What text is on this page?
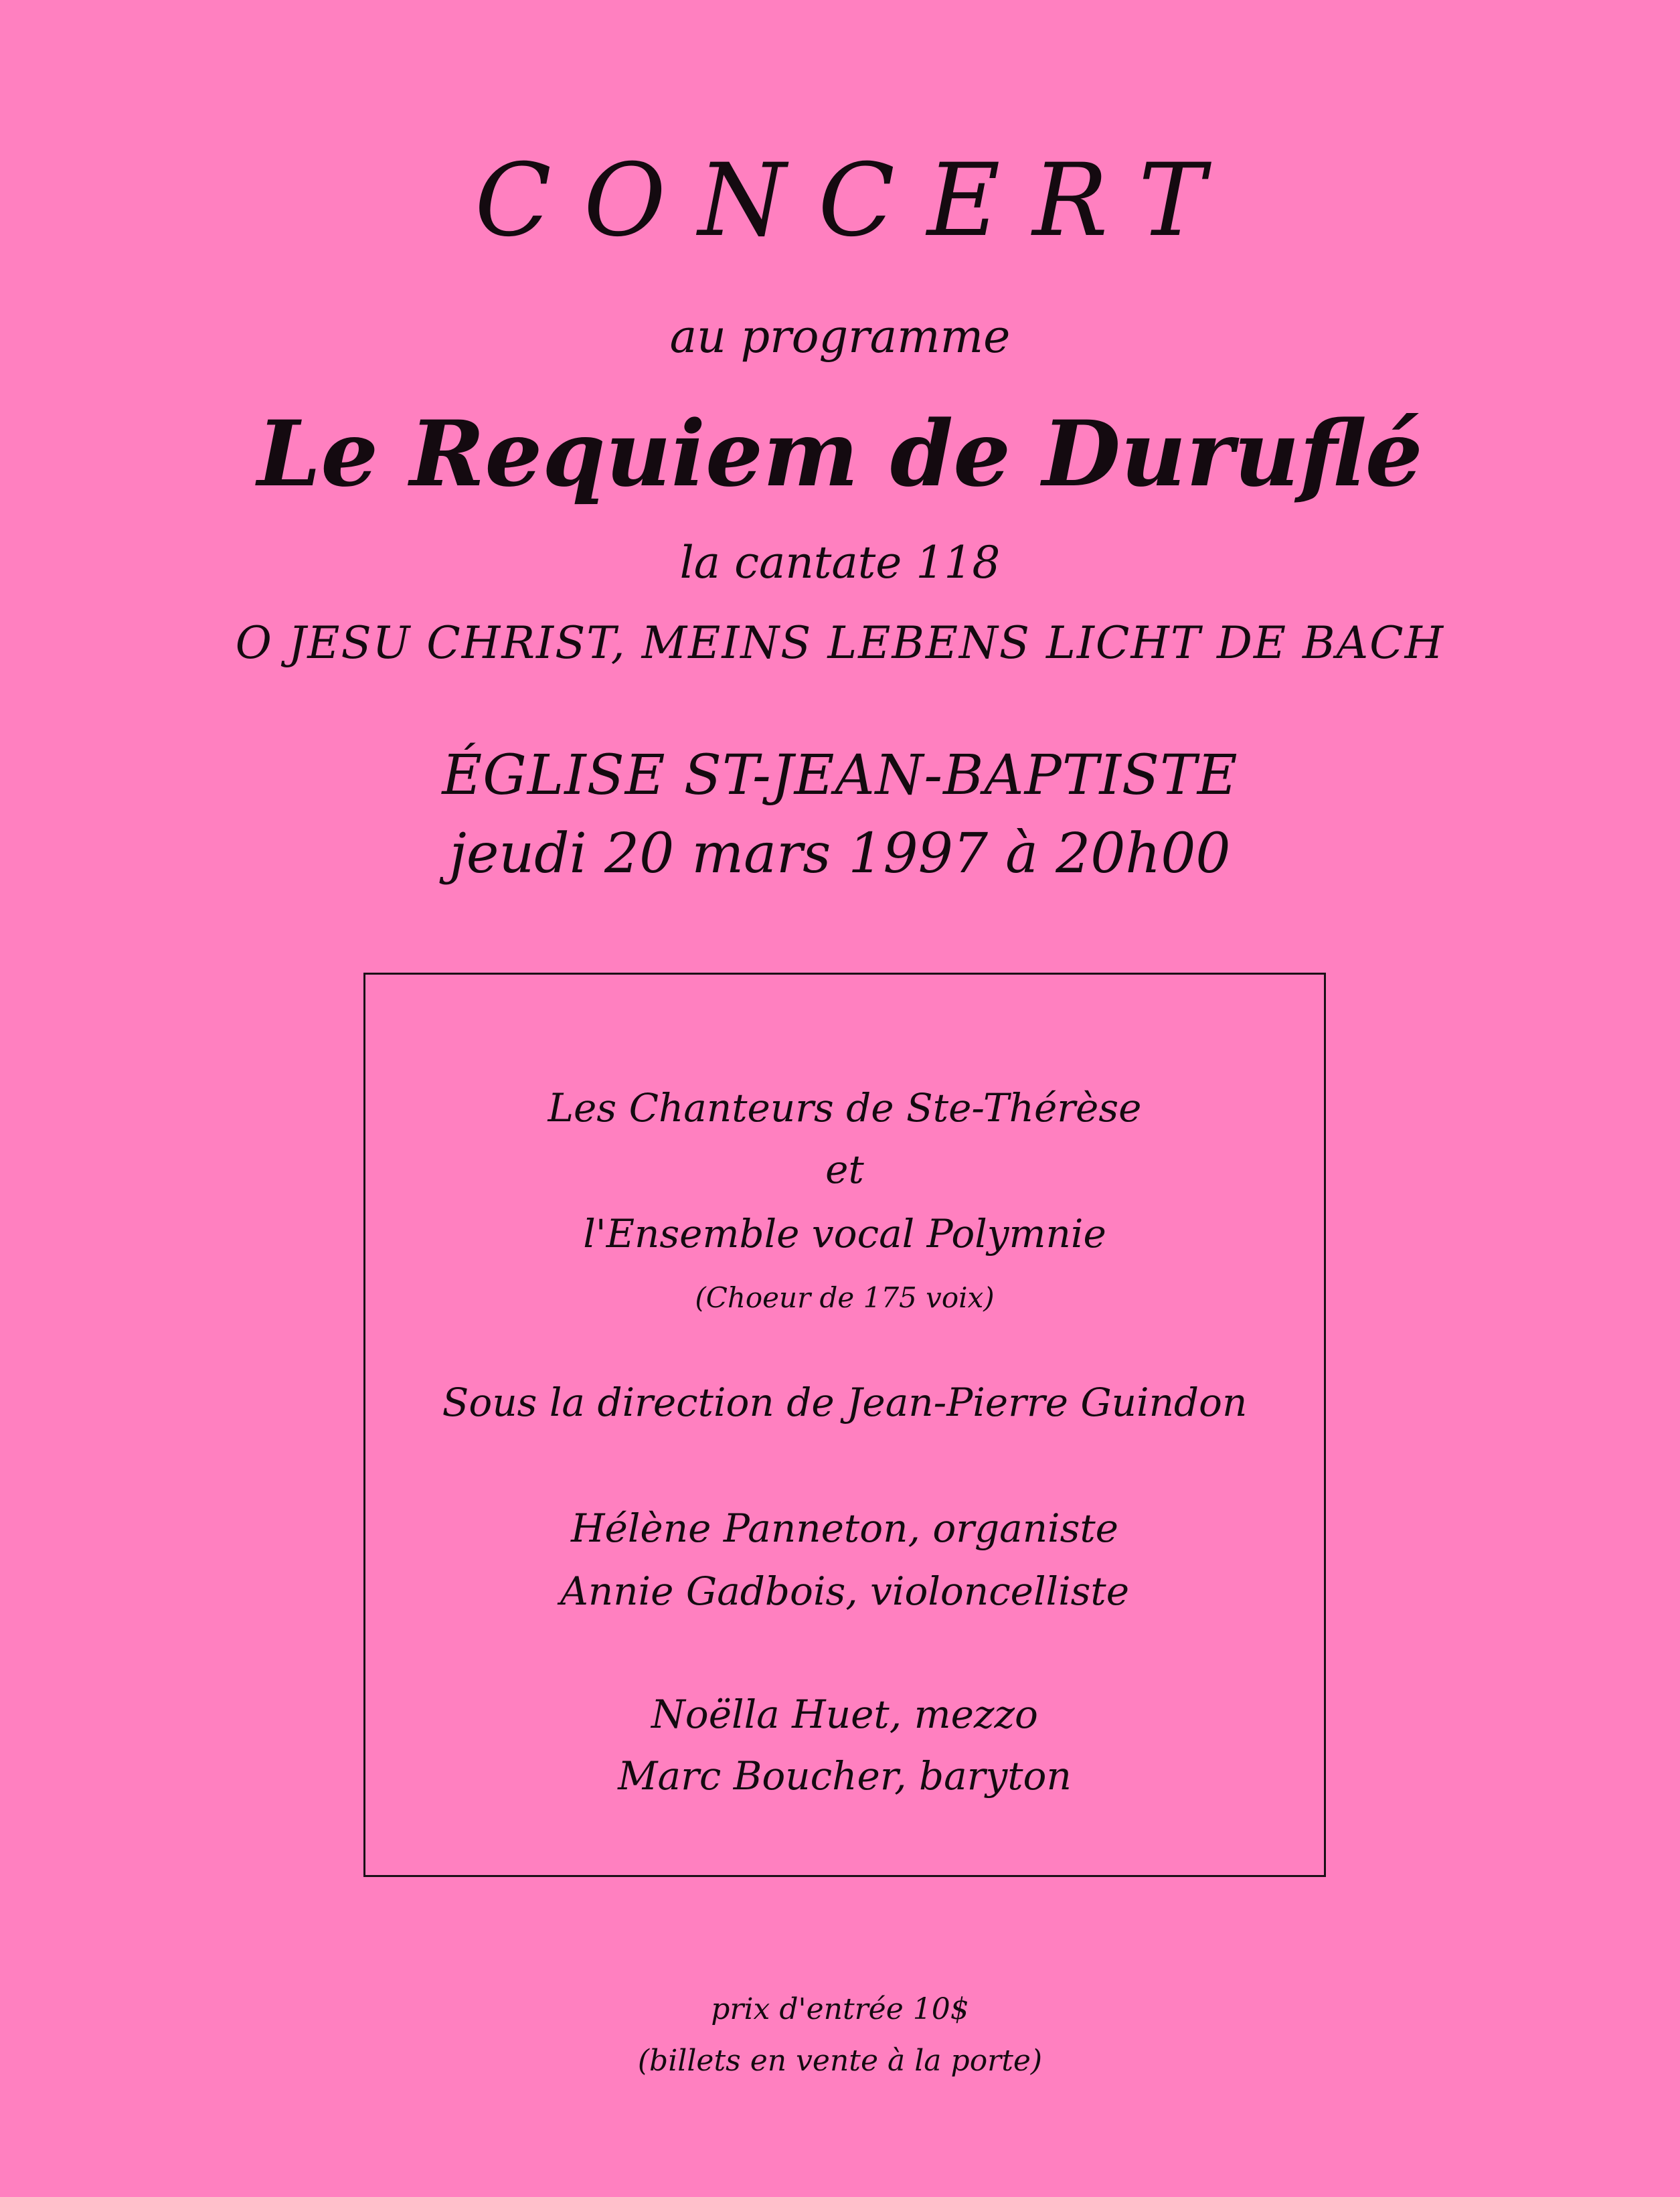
CONCERT
au programme
Le Requiem de Duruflé
la cantate 118
O JESU CHRIST, MEINS LEBENS LICHT DE BACH
ÉGLISE ST-JEAN-BAPTISTE
jeudi 20 mars 1997 à 20h00
Les Chanteurs de Ste-Thérèse
et
l'Ensemble vocal Polymnie
(Choeur de 175 voix)
Sous la direction de Jean-Pierre Guindon
Hélène Panneton, organiste
Annie Gadbois, violoncelliste
Noëlla Huet, mezzo
Marc Boucher, baryton
prix d'entrée 10$
(billets en vente à la porte)
